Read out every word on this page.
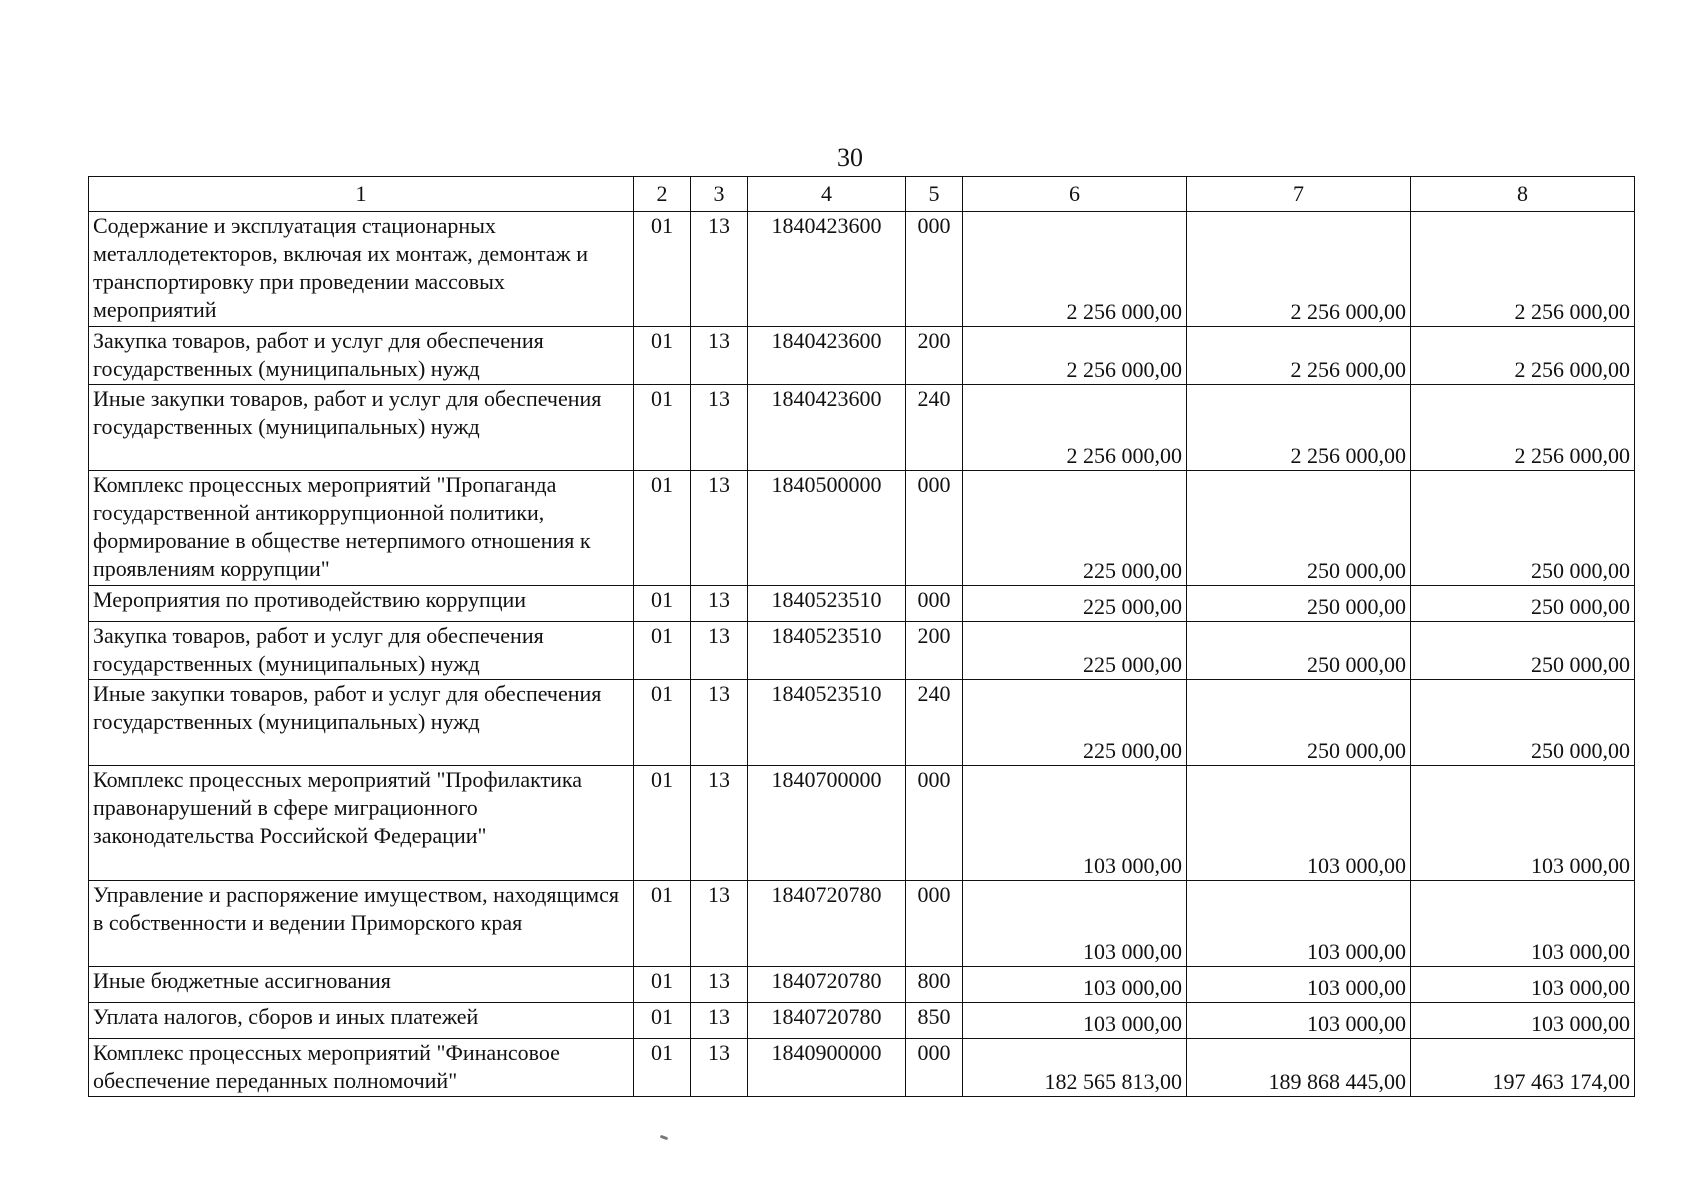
30
1	2	3	4	5	6	7	8
Содержание и эксплуатация стационарных металлодетекторов, включая их монтаж, демонтаж и транспортировку при проведении массовых мероприятий	01	13	1840423600	000	2 256 000,00	2 256 000,00	2 256 000,00
Закупка товаров, работ и услуг для обеспечения государственных (муниципальных) нужд	01	13	1840423600	200	2 256 000,00	2 256 000,00	2 256 000,00
Иные закупки товаров, работ и услуг для обеспечения государственных (муниципальных) нужд	01	13	1840423600	240	2 256 000,00	2 256 000,00	2 256 000,00
Комплекс процессных мероприятий "Пропаганда государственной антикоррупционной политики, формирование в обществе нетерпимого отношения к проявлениям коррупции"	01	13	1840500000	000	225 000,00	250 000,00	250 000,00
Мероприятия по противодействию коррупции	01	13	1840523510	000	225 000,00	250 000,00	250 000,00
Закупка товаров, работ и услуг для обеспечения государственных (муниципальных) нужд	01	13	1840523510	200	225 000,00	250 000,00	250 000,00
Иные закупки товаров, работ и услуг для обеспечения государственных (муниципальных) нужд	01	13	1840523510	240	225 000,00	250 000,00	250 000,00
Комплекс процессных мероприятий "Профилактика правонарушений в сфере миграционного законодательства Российской Федерации"	01	13	1840700000	000	103 000,00	103 000,00	103 000,00
Управление и распоряжение имуществом, находящимся в собственности и ведении Приморского края	01	13	1840720780	000	103 000,00	103 000,00	103 000,00
Иные бюджетные ассигнования	01	13	1840720780	800	103 000,00	103 000,00	103 000,00
Уплата налогов, сборов и иных платежей	01	13	1840720780	850	103 000,00	103 000,00	103 000,00
Комплекс процессных мероприятий "Финансовое обеспечение переданных полномочий"	01	13	1840900000	000	182 565 813,00	189 868 445,00	197 463 174,00
